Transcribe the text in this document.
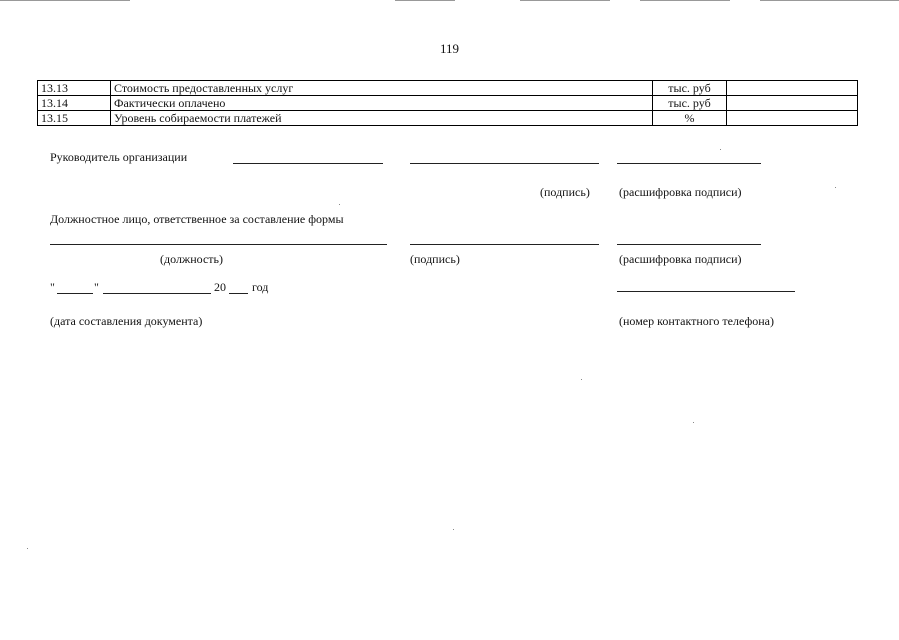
119
13.13	Стоимость предоставленных услуг	тыс. руб	
13.14	Фактически оплачено	тыс. руб	
13.15	Уровень собираемости платежей	%	
Руководитель организации
(подпись) (расшифровка подписи)
Должностное лицо, ответственное за составление формы
(должность)	(подпись)	(расшифровка подписи)
"	"	20 год
(дата составления документа)	(номер контактного телефона)
